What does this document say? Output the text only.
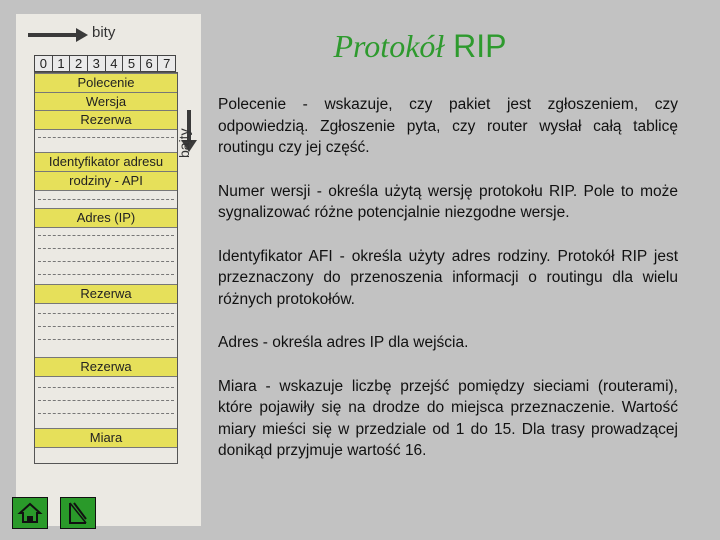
Protokół RIP
bity
0 1 2 3 4 5 6 7
Polecenie
Wersja
Rezerwa
Identyfikator adresu
rodziny - API
Adres (IP)
Rezerwa
Rezerwa
Miara
bajty

Polecenie - wskazuje, czy pakiet jest zgłoszeniem, czy odpowiedzią. Zgłoszenie pyta, czy router wysłał całą tablicę routingu czy jej część.

Numer wersji - określa użytą wersję protokołu RIP. Pole to może sygnalizować różne potencjalnie niezgodne wersje.

Identyfikator AFI - określa użyty adres rodziny. Protokół RIP jest przeznaczony do przenoszenia informacji o routingu dla wielu różnych protokołów.

Adres - określa adres IP dla wejścia.

Miara - wskazuje liczbę przejść pomiędzy sieciami (routerami), które pojawiły się na drodze do miejsca przeznaczenie. Wartość miary mieści się w przedziale od 1 do 15. Dla trasy prowadzącej donikąd przyjmuje wartość 16.
